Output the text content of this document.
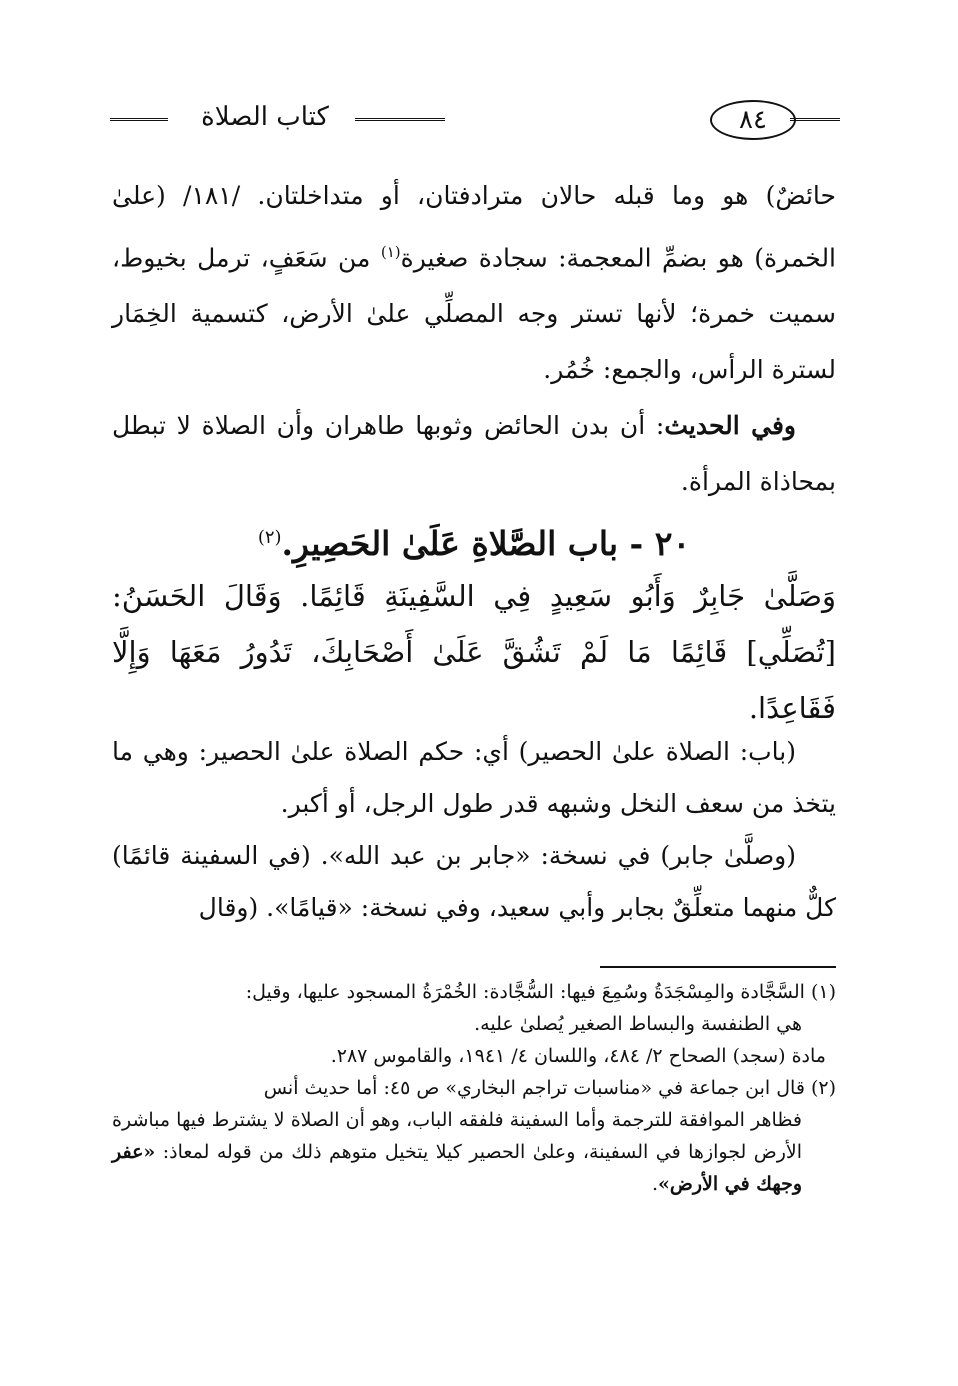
كتاب الصلاة	٨٤

حائضٌ) هو وما قبله حالان مترادفتان، أو متداخلتان. /١٨١/ (علىٰ الخمرة) هو بضمِّ المعجمة: سجادة صغيرة$^{(١)}$ من سَعَفٍ، ترمل بخيوط، سميت خمرة؛ لأنها تستر وجه المصلِّي علىٰ الأرض، كتسمية الخِمَار لسترة الرأس، والجمع: خُمُر.

وفي الحديث: أن بدن الحائض وثوبها طاهران وأن الصلاة لا تبطل بمحاذاة المرأة.

٢٠ - باب الصَّلاةِ عَلَىٰ الحَصِيرِ.$^{(٢)}$
وَصَلَّىٰ جَابِرٌ وَأَبُو سَعِيدٍ فِي السَّفِينَةِ قَائِمًا. وَقَالَ الحَسَنُ: [تُصَلِّي] قَائِمًا مَا لَمْ تَشُقَّ عَلَىٰ أَصْحَابِكَ، تَدُورُ مَعَهَا وَإِلَّا فَقَاعِدًا.

(باب: الصلاة علىٰ الحصير) أي: حكم الصلاة علىٰ الحصير: وهي ما يتخذ من سعف النخل وشبهه قدر طول الرجل، أو أكبر.

(وصلَّىٰ جابر) في نسخة: «جابر بن عبد الله». (في السفينة قائمًا) كلٌّ منهما متعلِّقٌ بجابر وأبي سعيد، وفي نسخة: «قيامًا». (وقال

(١) السَّجَّادة والمِسْجَدَةُ وسُمِعَ فيها: السُّجَّادة: الخُمْرَةُ المسجود عليها، وقيل:

هي الطنفسة والبساط الصغير يُصلىٰ عليه.

مادة (سجد) الصحاح ٢/ ٤٨٤، واللسان ٤/ ١٩٤١، والقاموس ٢٨٧.

(٢) قال ابن جماعة في «مناسبات تراجم البخاري» ص ٤٥: أما حديث أنس

فظاهر الموافقة للترجمة وأما السفينة فلفقه الباب، وهو أن الصلاة لا يشترط فيها مباشرة الأرض لجوازها في السفينة، وعلىٰ الحصير كيلا يتخيل متوهم ذلك من قوله لمعاذ: «عفر وجهك في الأرض».
